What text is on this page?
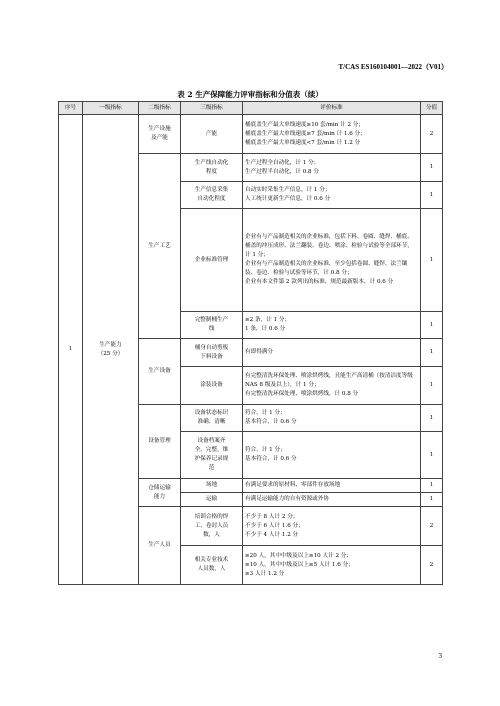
T/CAS ES160104001—2022（V01）
表 2 生产保障能力评审指标和分值表（续）
序号	一级指标	二级指标	三级指标	评价标准	分值
1	生产能力
（25 分）	生产设施
及产能	产能	桶底盖生产最大单线速度≥10 套/min 计 2 分；
桶底盖生产最大单线速度≥7 套/min 计 1.6 分；
桶底盖生产最大单线速度<7 套/min 计 1.2 分	2
		生产工艺	生产线自动化
程度	生产过程全自动化，计 1 分；
生产过程半自动化，计 0.8 分	1
			生产信息采集
自动化程度	自动实时采集生产信息，计 1 分；
人工统计更新生产信息，计 0.6 分	1
			企业标准管理	企业有与产品制造相关的企业标准，包括下料、卷圆、缝焊、桶底、桶盖的冲压成形、法兰翻装、卷边、喷涂、检验与试验等全部环节，计 1 分；
企业有与产品制造相关的企业标准，至少包括卷圆、缝焊、法兰镶装、卷边、检验与试验等环节，计 0.8 分；
企业有本文件第 2 款列出的标准，规范最新版本，计 0.6 分	1
			完整制桶生产
线	≥2 条，计 1 分；
1 条，计 0.6 分	1
		生产设备	桶身自动剪板
下料设备	有即得满分	1
			涂装设备	有完整清洗环保处理、喷涂烘烤线，且能生产高清桶（按清洁度等级 NAS 8 级及以上），计 1 分；
有完整清洗环保处理、喷涂烘烤线，计 0.8 分	1
		设备管理	设备状态标识
准确、清晰	符合，计 1 分；
基本符合，计 0.6 分	1
			设备档案齐
全、完整，维
护保养记录规
范	符合，计 1 分；
基本符合，计 0.6 分	1
		仓储运输
能力	场地	有满足要求的原材料、零部件存放场地	1
			运输	有满足运输能力的自有资源或外协	1
		生产人员	培训合格的焊
工、卷封人员
数，人	不少于 8 人计 2 分；
不少于 6 人计 1.6 分；
不少于 4 人计 1.2 分	2
			相关专业技术
人员数，人	≥20 人，其中中级及以上≥10 人计 2 分；
≥10 人，其中中级及以上≥5 人计 1.6 分；
≥3 人计 1.2 分	2
3
